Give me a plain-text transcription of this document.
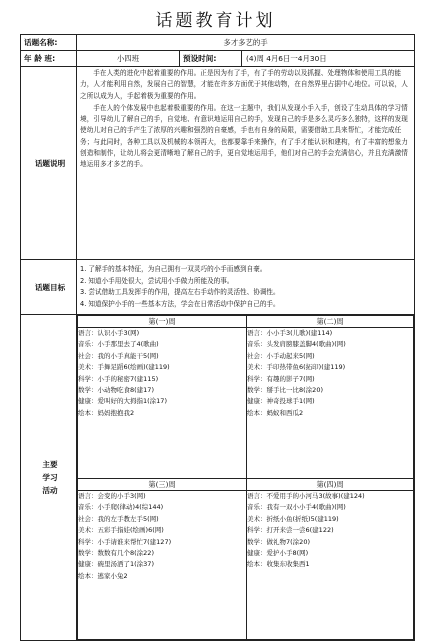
话题教育计划
话题名称:	多才多艺的手
年 龄 班:	小四班	预设时间:	(4)周 4月6日一4月30日
话题说明	

手在人类的进化中起着重要的作用。正是因为有了手，有了手的劳动以及抓握、处理物体和使用工具的能力，人才能利用自然，发展自己的智慧，才能在许多方面优于其他动物，在自然界里占据中心地位。可以说，人之所以成为人，手起着极为重要的作用。

手在人的个体发展中也起着极重要的作用。在这一主题中，我们从发现小手入手，创设了生动具体的学习情境，引导幼儿了解自己的手，自觉地、有意识地运用自己的手，发现自己的手是多么灵巧多么独特，这样的发现使幼儿对自己的手产生了浓厚的兴趣和强烈的自豪感，手也有自身的局限，需要借助工具来帮忙，才能完成任务；与此同时，各种工具以及机械的本领再大，也都要靠手来操作，有了手才能认识和建构，有了丰富的想象力创造和制作，让幼儿将会更清晰地了解自己的手，更自觉地运用手，他们对自己的手会充满信心，并且充满激情地运用多才多艺的手。

话题目标	

1. 了解手的基本特征，为自己拥有一双灵巧的小手而感到自豪。

2. 知道小手用处很大，尝试用小手做力所能及的事。

3. 尝试借助工具发挥手的作用，提高左右手动作的灵活性、协调性。

4. 知道保护小手的一些基本方法，学会在日常活动中保护自己的手。

主要
学习
活动

第(一)周	第(二)周

语言：认识小手3(网)
音乐：小手那里去了4(歌曲)
社会：我的小手真能干5(网)
美术：手舞足蹈6(绘画)(建119)
科学：小手的秘密7(建115)
数学：小动物吃食8(建17)
健康：爱叫好的大拇指1(涂17)
绘本：妈妈抱抱我2

语言：小小手3(儿歌)(建114)
音乐：头发肩膀膝盖脚4(歌曲)(网)
社会：小手动起来5(网)
美术：手印热带鱼6(拓印)(建119)
科学：有趣的影子7(网)
数学：掰手比一比8(涂20)
健康：神奇投球手1(网)
绘本：蚂蚁和西瓜2

第(三)周	第(四)周

语言：会变的小手3(网)
音乐：小手爬(律动)4(综144)
社会：我的左手教左手5(网)
美术：五彩手指娃(绘画)6(网)
科学：小手请谁来帮忙7(建127)
数学：数数有几个8(涂22)
健康：碗里汤洒了1(涂37)
绘本：逃家小兔2

语言：不爱用手的小河马3(故事)(建124)
音乐：我有一双小小手4(歌曲)(网)
美术：折纸小鱼(折纸)5(建119)
科学：打开来尝一尝6(建122)
数学：做礼物7(涂20)
健康：爱护小手8(网)
绘本：收集东收集西1
